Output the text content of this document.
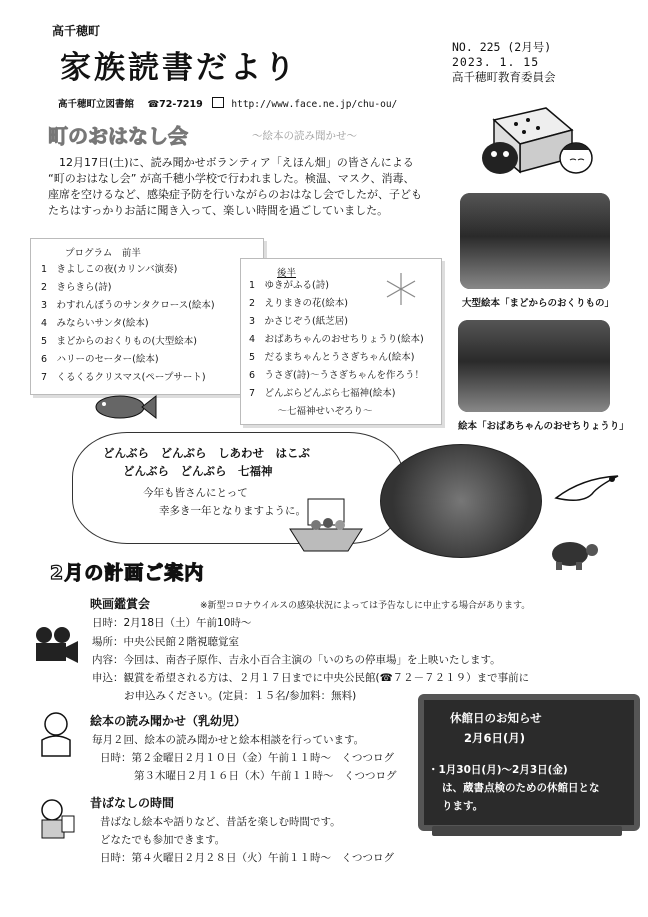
高千穂町
家族読書だより
NO. 225 (2月号)
2023. 1. 15
高千穂町教育委員会
高千穂町立図書館 ☎72-7219	http://www.face.ne.jp/chu-ou/
町のおはなし会	～絵本の読み聞かせ～
　12月17日(土)に、読み聞かせボランティア「えほん畑」の皆さんによる
“町のおはなし会” が高千穂小学校で行われました。検温、マスク、消毒、
座席を空けるなど、感染症予防を行いながらのおはなし会でしたが、子ども
たちはすっかりお話に聞き入って、楽しい時間を過ごしていました。
プログラム　前半
1　きよしこの夜(カリンバ演奏)
2　きらきら(詩)
3　わすれんぼうのサンタクロース(絵本)
4　みならいサンタ(絵本)
5　まどからのおくりもの(大型絵本)
6　ハリーのセーター(絵本)
7　くるくるクリスマス(ペープサート)
後半
1　ゆきがふる(詩)
2　えりまきの花(絵本)
3　かさじぞう(紙芝居)
4　おばあちゃんのおせちりょうり(絵本)
5　だるまちゃんとうさぎちゃん(絵本)
6　うさぎ(詩)～うさぎちゃんを作ろう！
7　どんぶらどんぶら七福神(絵本)
　　　～七福神せいぞろり～
大型絵本「まどからのおくりもの」
絵本「おばあちゃんのおせちりょうり」
どんぶら　どんぶら　しあわせ　はこぶ
どんぶら　どんぶら　七福神
今年も皆さんにとって
幸多き一年となりますように。
2月の計画ご案内
映画鑑賞会	※新型コロナウイルスの感染状況によっては予告なしに中止する場合があります。
日時：2月18日（土）午前10時～
場所：中央公民館２階視聴覚室
内容：今回は、南杏子原作、吉永小百合主演の「いのちの停車場」を上映いたします。
申込：観賞を希望される方は、２月１７日までに中央公民館(☎７２－７２１９）まで事前に
お申込みください。(定員：１５名/参加料：無料)
絵本の読み聞かせ（乳幼児）
毎月２回、絵本の読み聞かせと絵本相談を行っています。
日時：第２金曜日２月１０日（金）午前１１時～　くつつログ
第３木曜日２月１６日（木）午前１１時～　くつつログ
昔ばなしの時間
昔ばなし絵本や語りなど、昔話を楽しむ時間です。
どなたでも参加できます。
日時：第４火曜日２月２８日（火）午前１１時～　くつつログ
休館日のお知らせ
2月6日(月)
・1月30日(月)～2月3日(金)
は、蔵書点検のための休館日とな
ります。
